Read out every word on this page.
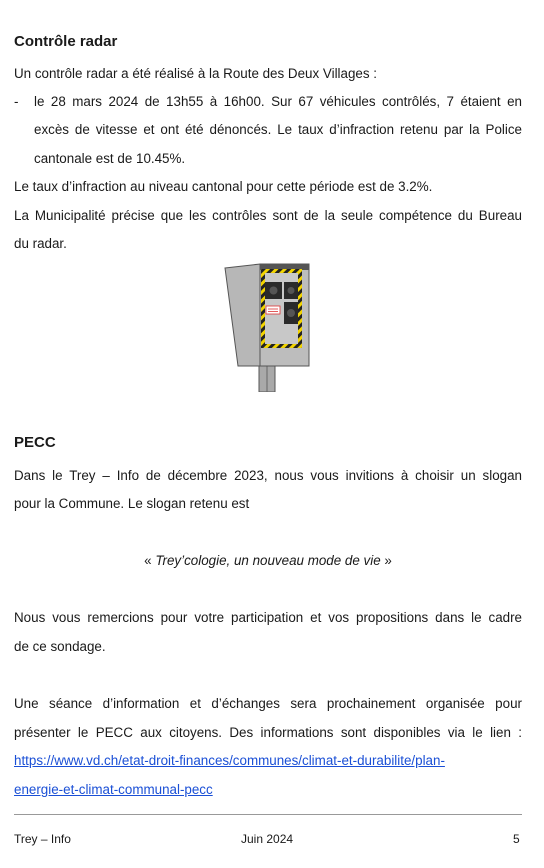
Contrôle radar
Un contrôle radar a été réalisé à la Route des Deux Villages :
- le 28 mars 2024 de 13h55 à 16h00. Sur 67 véhicules contrôlés, 7 étaient en
excès de vitesse et ont été dénoncés. Le taux d’infraction retenu par la Police
cantonale est de 10.45%.
Le taux d’infraction au niveau cantonal pour cette période est de 3.2%.
La Municipalité précise que les contrôles sont de la seule compétence du Bureau
du radar.
PECC
Dans le Trey – Info de décembre 2023, nous vous invitions à choisir un slogan
pour la Commune. Le slogan retenu est
« Trey’cologie, un nouveau mode de vie »
Nous vous remercions pour votre participation et vos propositions dans le cadre
de ce sondage.
Une séance d’information et d’échanges sera prochainement organisée pour
présenter le PECC aux citoyens. Des informations sont disponibles via le lien :
https://www.vd.ch/etat-droit-finances/communes/climat-et-durabilite/plan-
energie-et-climat-communal-pecc
Trey – Info	Juin 2024	5
